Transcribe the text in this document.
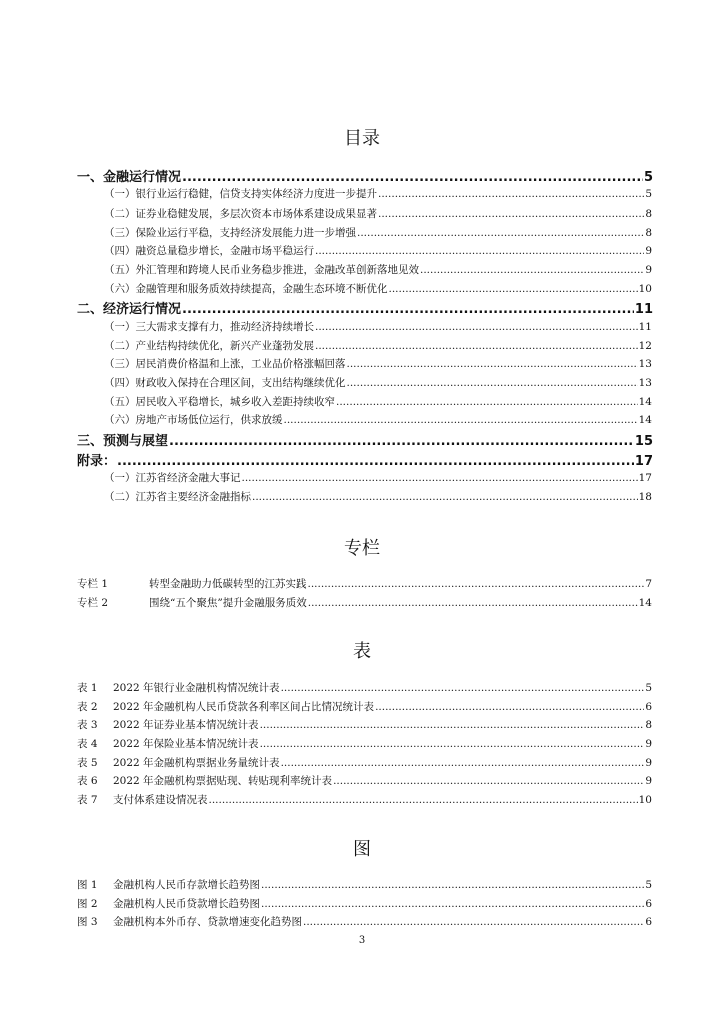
目录
一、金融运行情况 .....	5
（一）银行业运行稳健，信贷支持实体经济力度进一步提升 .....	5
（二）证券业稳健发展，多层次资本市场体系建设成果显著 .....	8
（三）保险业运行平稳，支持经济发展能力进一步增强 .....	8
（四）融资总量稳步增长，金融市场平稳运行 .....	9
（五）外汇管理和跨境人民币业务稳步推进，金融改革创新落地见效 .....	9
（六）金融管理和服务质效持续提高，金融生态环境不断优化 .....	10
二、经济运行情况 .....	11
（一）三大需求支撑有力，推动经济持续增长 .....	11
（二）产业结构持续优化，新兴产业蓬勃发展 .....	12
（三）居民消费价格温和上涨，工业品价格涨幅回落 .....	13
（四）财政收入保持在合理区间，支出结构继续优化 .....	13
（五）居民收入平稳增长，城乡收入差距持续收窄 .....	14
（六）房地产市场低位运行，供求放缓 .....	14
三、预测与展望 .....	15
附录： .....	17
（一）江苏省经济金融大事记 .....	17
（二）江苏省主要经济金融指标 .....	18
专栏
专栏 1	转型金融助力低碳转型的江苏实践 .....	7
专栏 2	围绕“五个聚焦”提升金融服务质效 .....	14
表
表 1 2022 年银行业金融机构情况统计表 .....	5
表 2 2022 年金融机构人民币贷款各利率区间占比情况统计表 .....	6
表 3 2022 年证券业基本情况统计表 .....	8
表 4 2022 年保险业基本情况统计表 .....	9
表 5 2022 年金融机构票据业务量统计表 .....	9
表 6 2022 年金融机构票据贴现、转贴现利率统计表 .....	9
表 7 支付体系建设情况表 .....	10
图
图 1 金融机构人民币存款增长趋势图 .....	5
图 2 金融机构人民币贷款增长趋势图 .....	6
图 3 金融机构本外币存、贷款增速变化趋势图 .....	6
3
